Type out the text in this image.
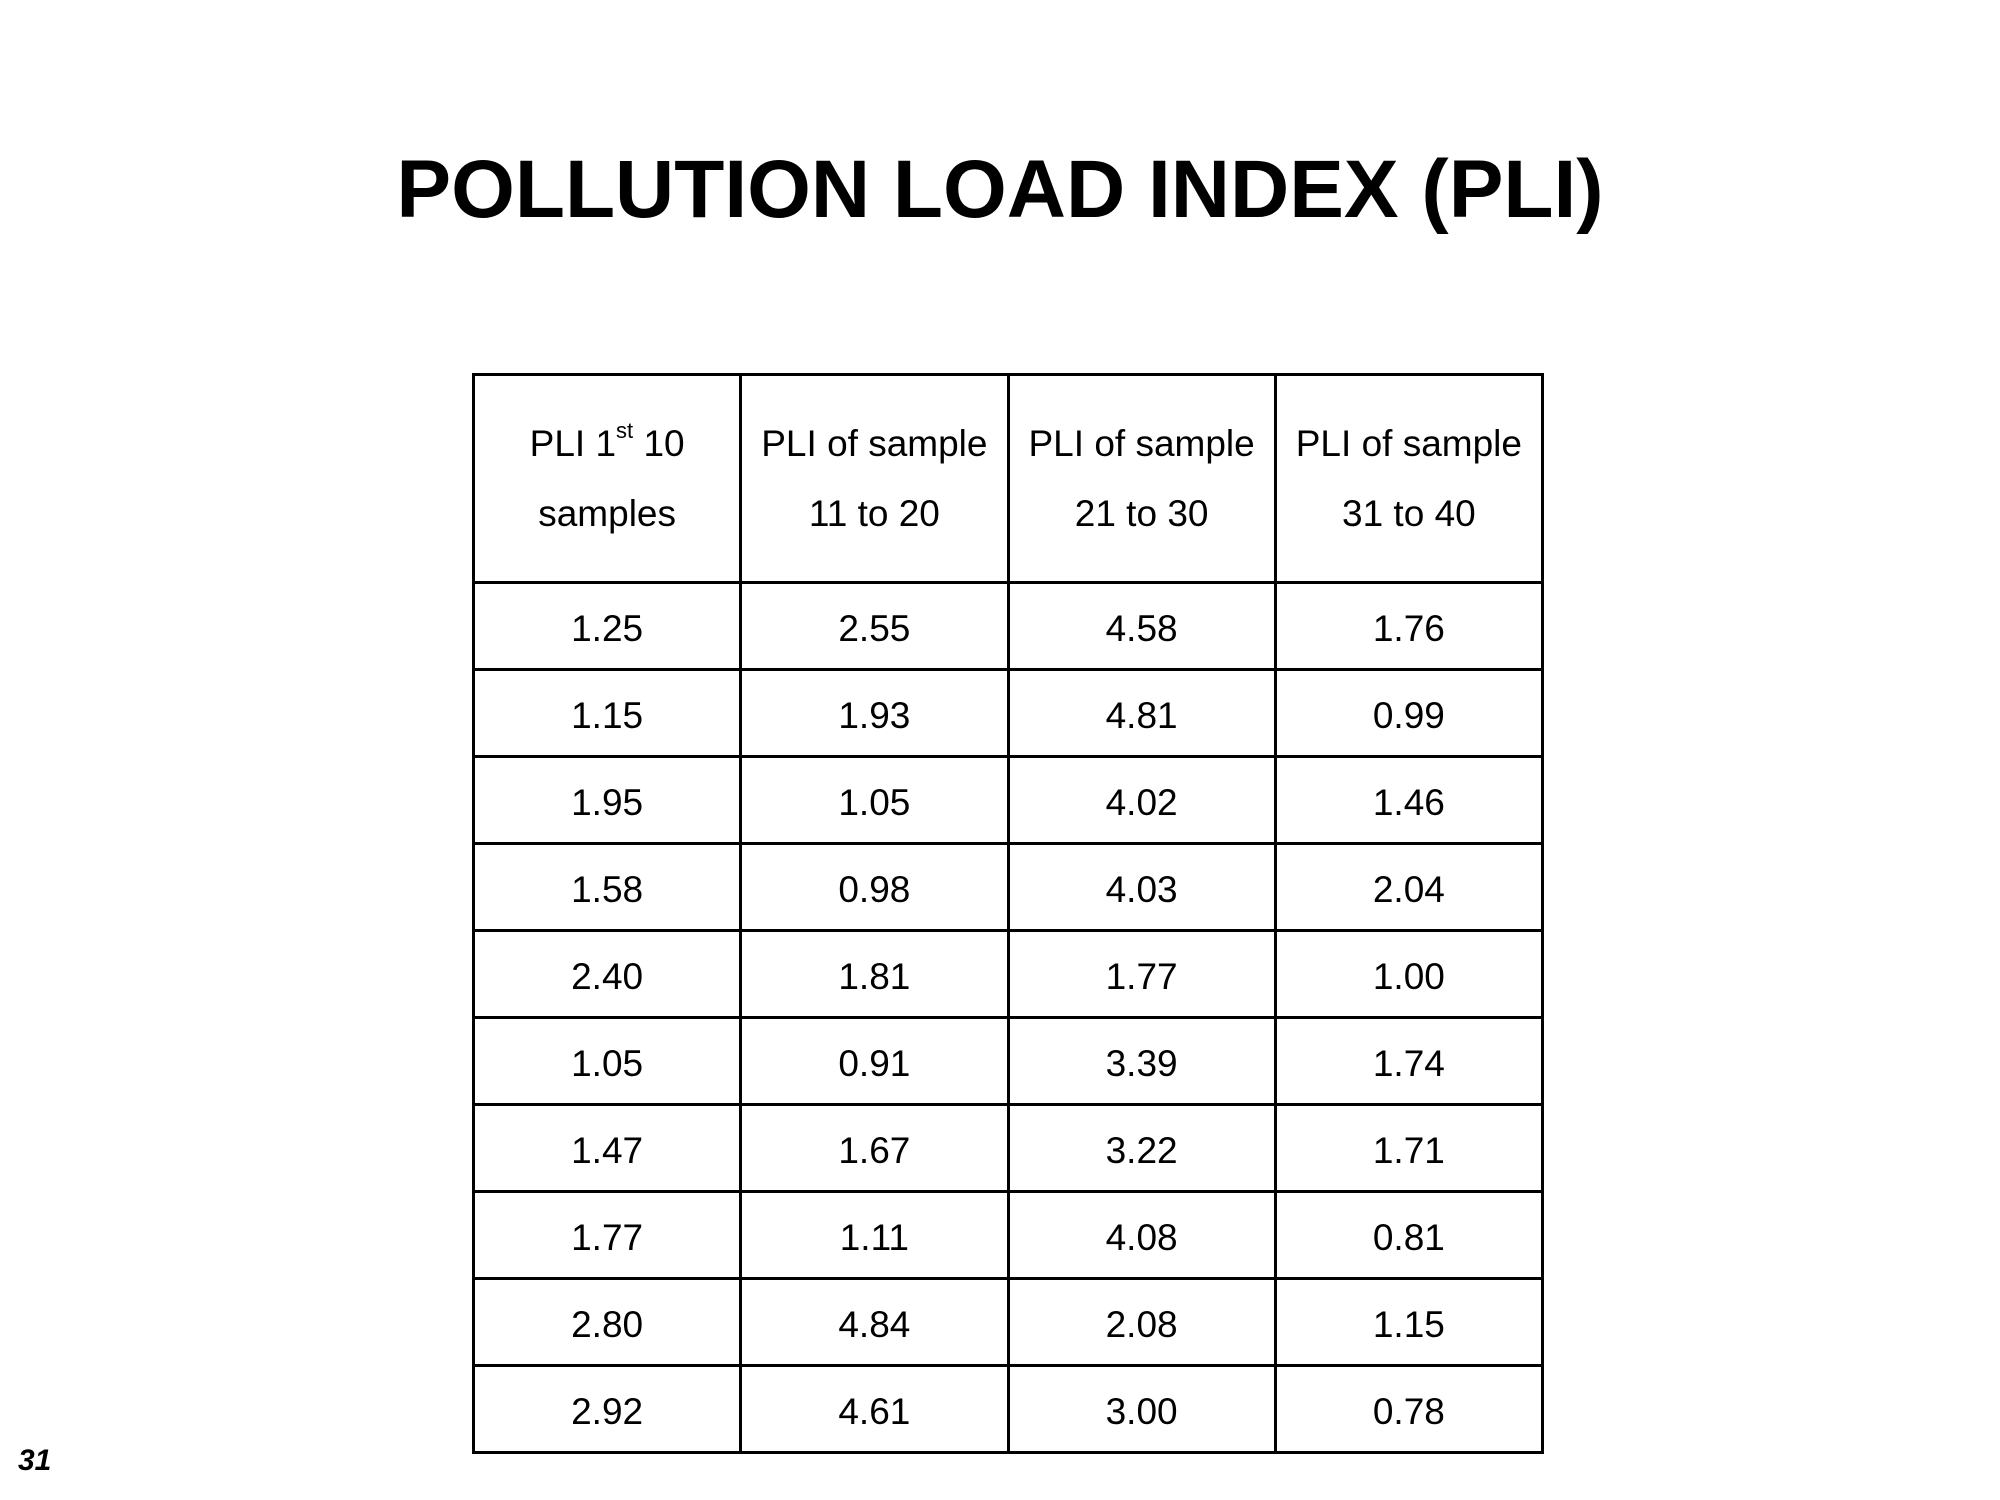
POLLUTION LOAD INDEX (PLI)
PLI 1st 10 samples	PLI of sample 11 to 20	PLI of sample 21 to 30	PLI of sample 31 to 40
1.25	2.55	4.58	1.76
1.15	1.93	4.81	0.99
1.95	1.05	4.02	1.46
1.58	0.98	4.03	2.04
2.40	1.81	1.77	1.00
1.05	0.91	3.39	1.74
1.47	1.67	3.22	1.71
1.77	1.11	4.08	0.81
2.80	4.84	2.08	1.15
2.92	4.61	3.00	0.78
31
